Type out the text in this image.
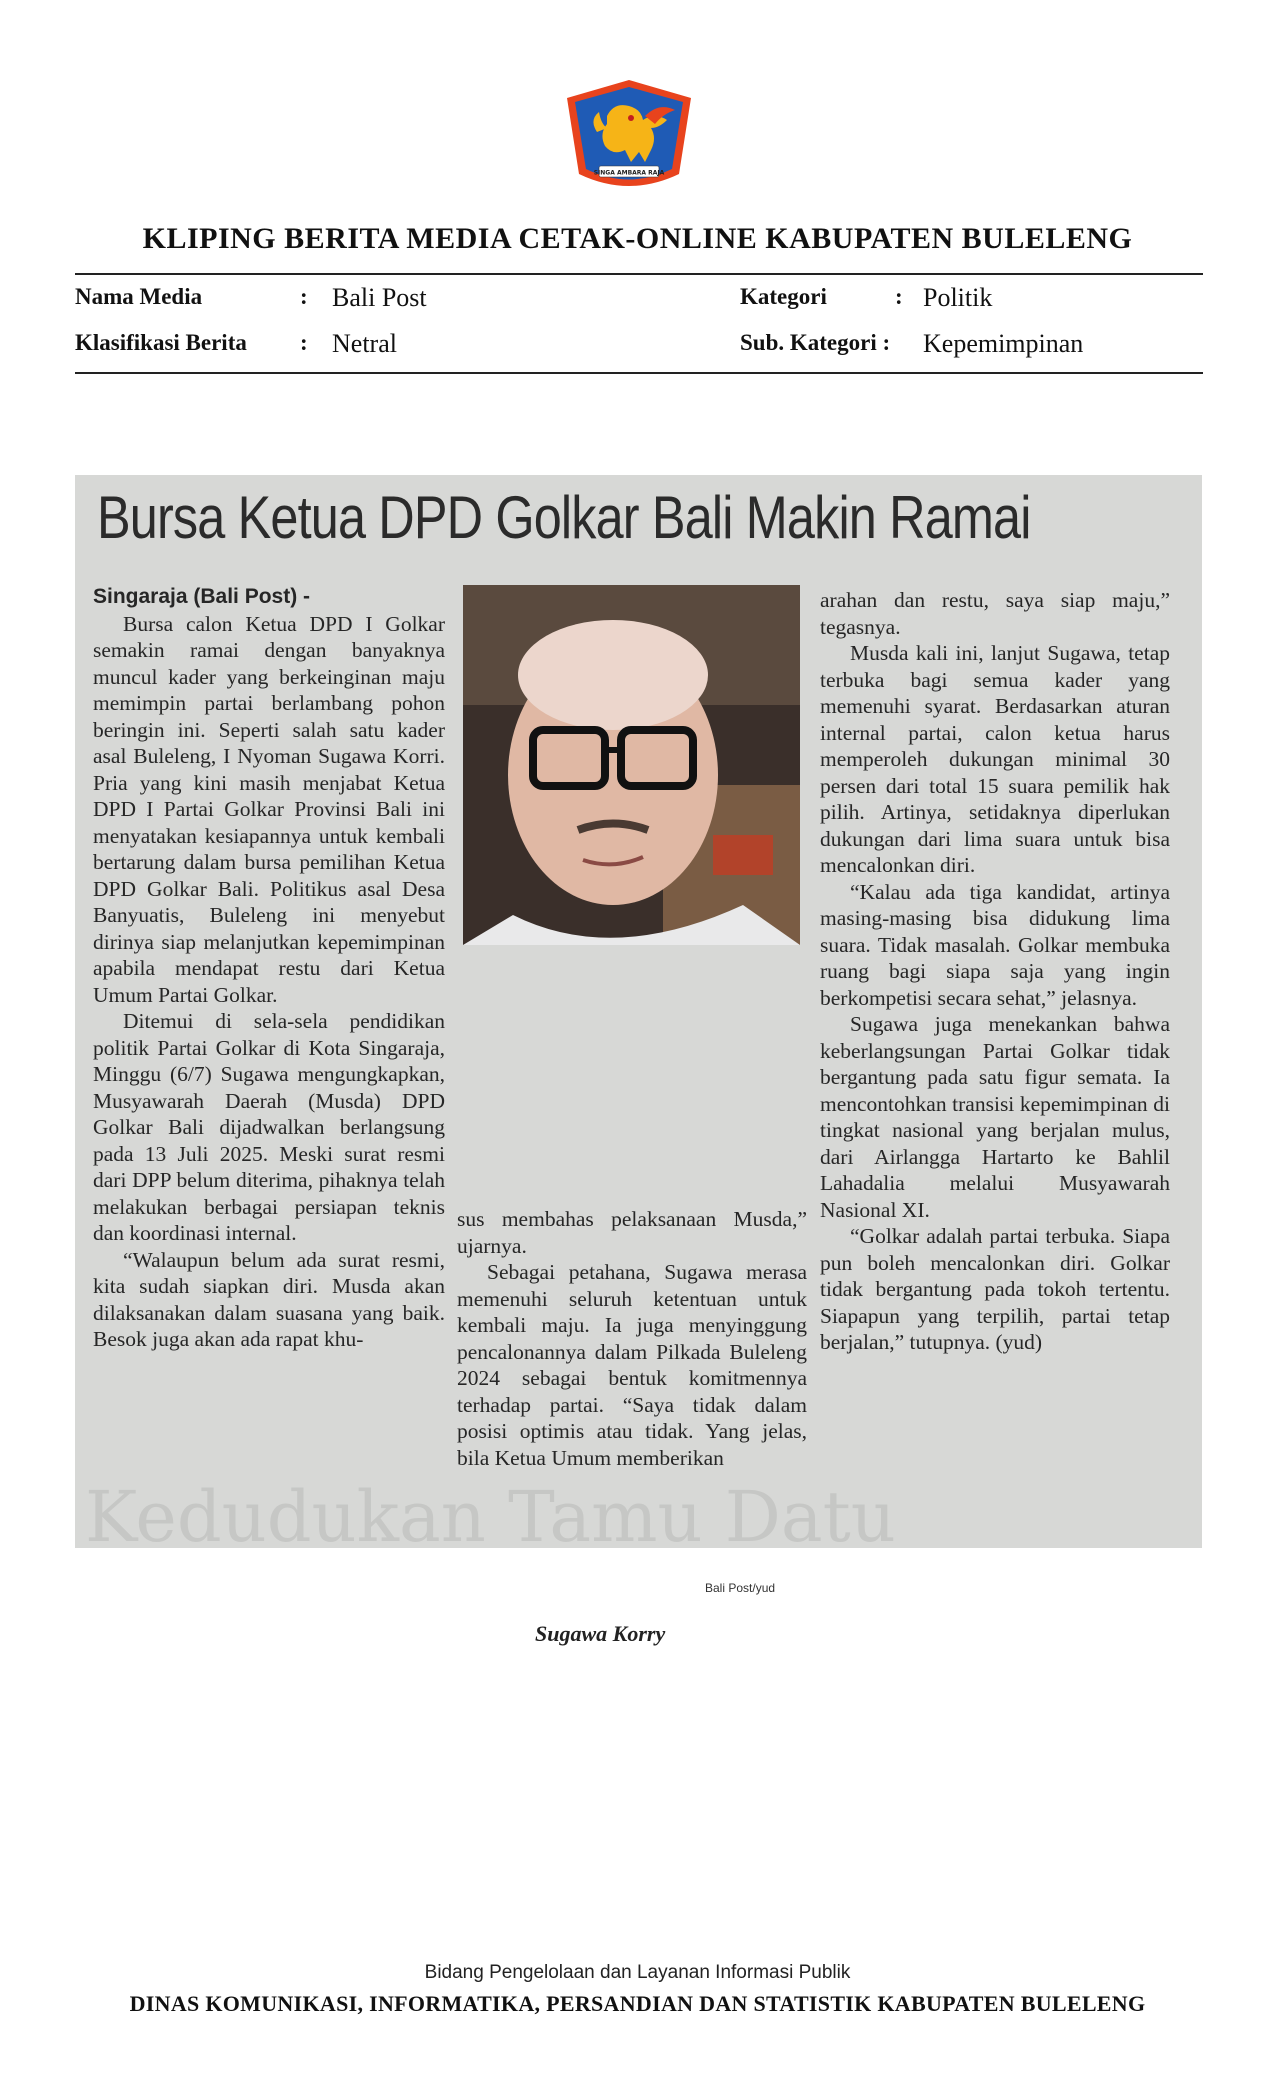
SINGA AMBARA RAJA
KLIPING BERITA MEDIA CETAK-ONLINE KABUPATEN BULELENG
Nama Media	: Bali Post	Kategori	: Politik
Klasifikasi Berita : Netral	Sub. Kategori : Kepemimpinan
Kedudukan Tamu Datu
Bursa Ketua DPD Golkar Bali Makin Ramai

Singaraja (Bali Post) -

Bursa calon Ketua DPD I Golkar semakin ramai dengan banyaknya muncul kader yang berkeinginan maju memimpin partai berlambang pohon beringin ini. Seperti salah satu kader asal Buleleng, I Nyoman Sugawa Korri. Pria yang kini masih menjabat Ketua DPD I Partai Golkar Provinsi Bali ini menyatakan kesiapannya untuk kembali bertarung dalam bursa pemilihan Ketua DPD Golkar Bali. Politikus asal Desa Banyuatis, Buleleng ini menyebut dirinya siap melanjutkan kepemimpinan apabila mendapat restu dari Ketua Umum Partai Golkar.

Ditemui di sela-sela pendidikan politik Partai Golkar di Kota Singaraja, Minggu (6/7) Sugawa mengungkapkan, Musyawarah Daerah (Musda) DPD Golkar Bali dijadwalkan berlangsung pada 13 Juli 2025. Meski surat resmi dari DPP belum diterima, pihaknya telah melakukan berbagai persiapan teknis dan koordinasi internal.

“Walaupun belum ada surat resmi, kita sudah siapkan diri. Musda akan dilaksanakan dalam suasana yang baik. Besok juga akan ada rapat khu-

Bali Post/yud
Sugawa Korry

sus membahas pelaksanaan Musda,” ujarnya.

Sebagai petahana, Sugawa merasa memenuhi seluruh ketentuan untuk kembali maju. Ia juga menyinggung pencalonannya dalam Pilkada Buleleng 2024 sebagai bentuk komitmennya terhadap partai. “Saya tidak dalam posisi optimis atau tidak. Yang jelas, bila Ketua Umum memberikan

arahan dan restu, saya siap maju,” tegasnya.

Musda kali ini, lanjut Sugawa, tetap terbuka bagi semua kader yang memenuhi syarat. Berdasarkan aturan internal partai, calon ketua harus memperoleh dukungan minimal 30 persen dari total 15 suara pemilik hak pilih. Artinya, setidaknya diperlukan dukungan dari lima suara untuk bisa mencalonkan diri.

“Kalau ada tiga kandidat, artinya masing-masing bisa didukung lima suara. Tidak masalah. Golkar membuka ruang bagi siapa saja yang ingin berkompetisi secara sehat,” jelasnya.

Sugawa juga menekankan bahwa keberlangsungan Partai Golkar tidak bergantung pada satu figur semata. Ia mencontohkan transisi kepemimpinan di tingkat nasional yang berjalan mulus, dari Airlangga Hartarto ke Bahlil Lahadalia melalui Musyawarah Nasional XI.

“Golkar adalah partai terbuka. Siapa pun boleh mencalonkan diri. Golkar tidak bergantung pada tokoh tertentu. Siapapun yang terpilih, partai tetap berjalan,” tutupnya. (yud)

Bidang Pengelolaan dan Layanan Informasi Publik
DINAS KOMUNIKASI, INFORMATIKA, PERSANDIAN DAN STATISTIK KABUPATEN BULELENG
